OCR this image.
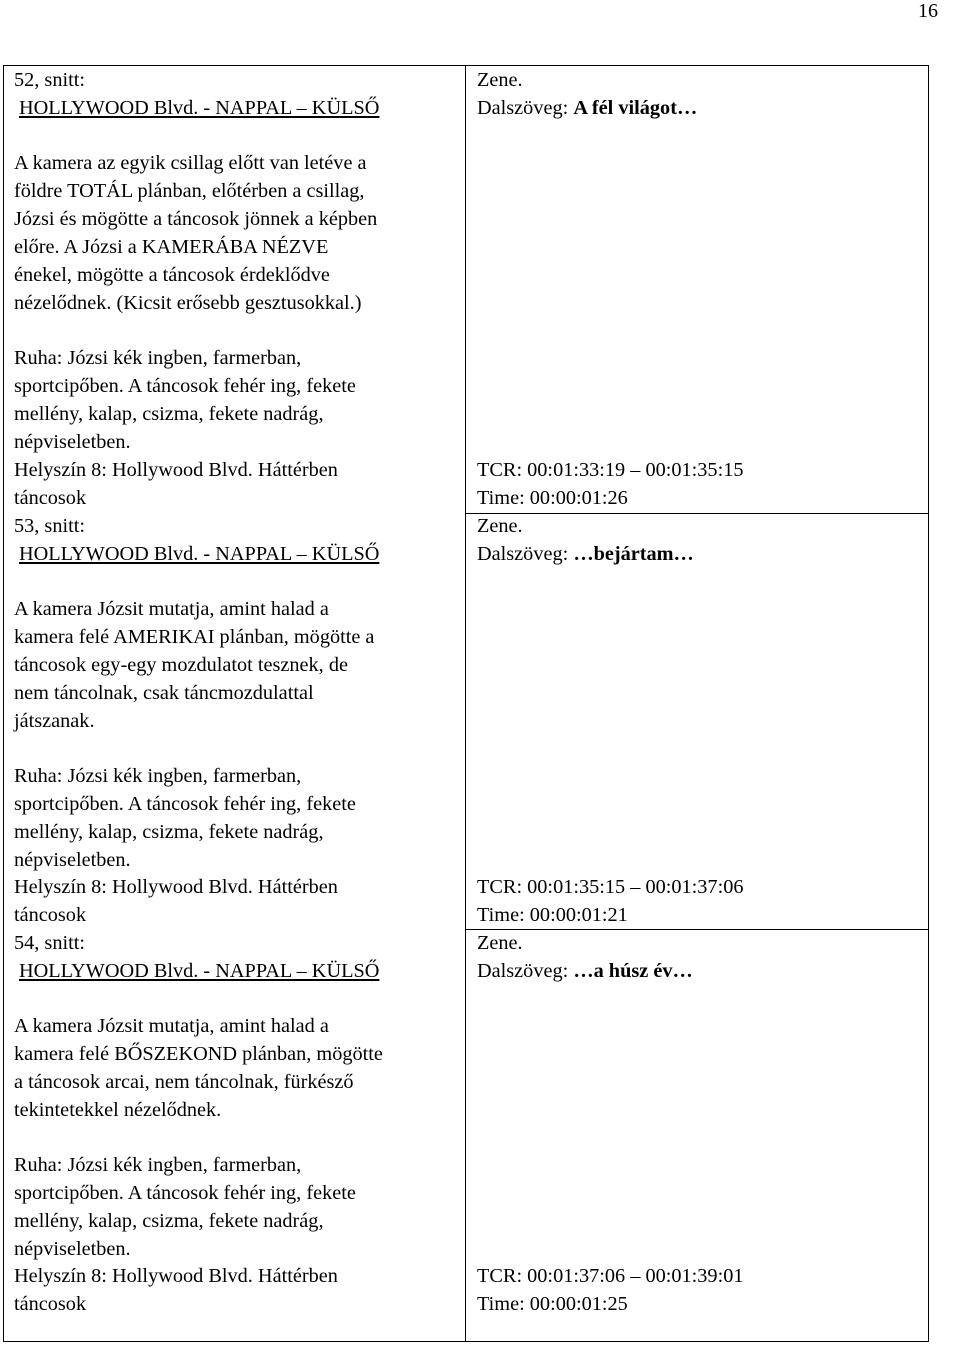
16
52, snitt:
HOLLYWOOD Blvd. - NAPPAL – KÜLSŐ
A kamera az egyik csillag előtt van letéve a
földre TOTÁL plánban, előtérben a csillag,
Józsi és mögötte a táncosok jönnek a képben
előre. A Józsi a KAMERÁBA NÉZVE
énekel, mögötte a táncosok érdeklődve
nézelődnek. (Kicsit erősebb gesztusokkal.)
Ruha: Józsi kék ingben, farmerban,
sportcipőben. A táncosok fehér ing, fekete
mellény, kalap, csizma, fekete nadrág,
népviseletben.
Helyszín 8: Hollywood Blvd. Háttérben
táncosok
Zene.
Dalszöveg: A fél világot…
TCR: 00:01:33:19 – 00:01:35:15
Time: 00:00:01:26
53, snitt:
HOLLYWOOD Blvd. - NAPPAL – KÜLSŐ
A kamera Józsit mutatja, amint halad a
kamera felé AMERIKAI plánban, mögötte a
táncosok egy-egy mozdulatot tesznek, de
nem táncolnak, csak táncmozdulattal
játszanak.
Ruha: Józsi kék ingben, farmerban,
sportcipőben. A táncosok fehér ing, fekete
mellény, kalap, csizma, fekete nadrág,
népviseletben.
Helyszín 8: Hollywood Blvd. Háttérben
táncosok
Zene.
Dalszöveg: …bejártam…
TCR: 00:01:35:15 – 00:01:37:06
Time: 00:00:01:21
54, snitt:
HOLLYWOOD Blvd. - NAPPAL – KÜLSŐ
A kamera Józsit mutatja, amint halad a
kamera felé BŐSZEKOND plánban, mögötte
a táncosok arcai, nem táncolnak, fürkésző
tekintetekkel nézelődnek.
Ruha: Józsi kék ingben, farmerban,
sportcipőben. A táncosok fehér ing, fekete
mellény, kalap, csizma, fekete nadrág,
népviseletben.
Helyszín 8: Hollywood Blvd. Háttérben
táncosok
Zene.
Dalszöveg: …a húsz év…
TCR: 00:01:37:06 – 00:01:39:01
Time: 00:00:01:25
